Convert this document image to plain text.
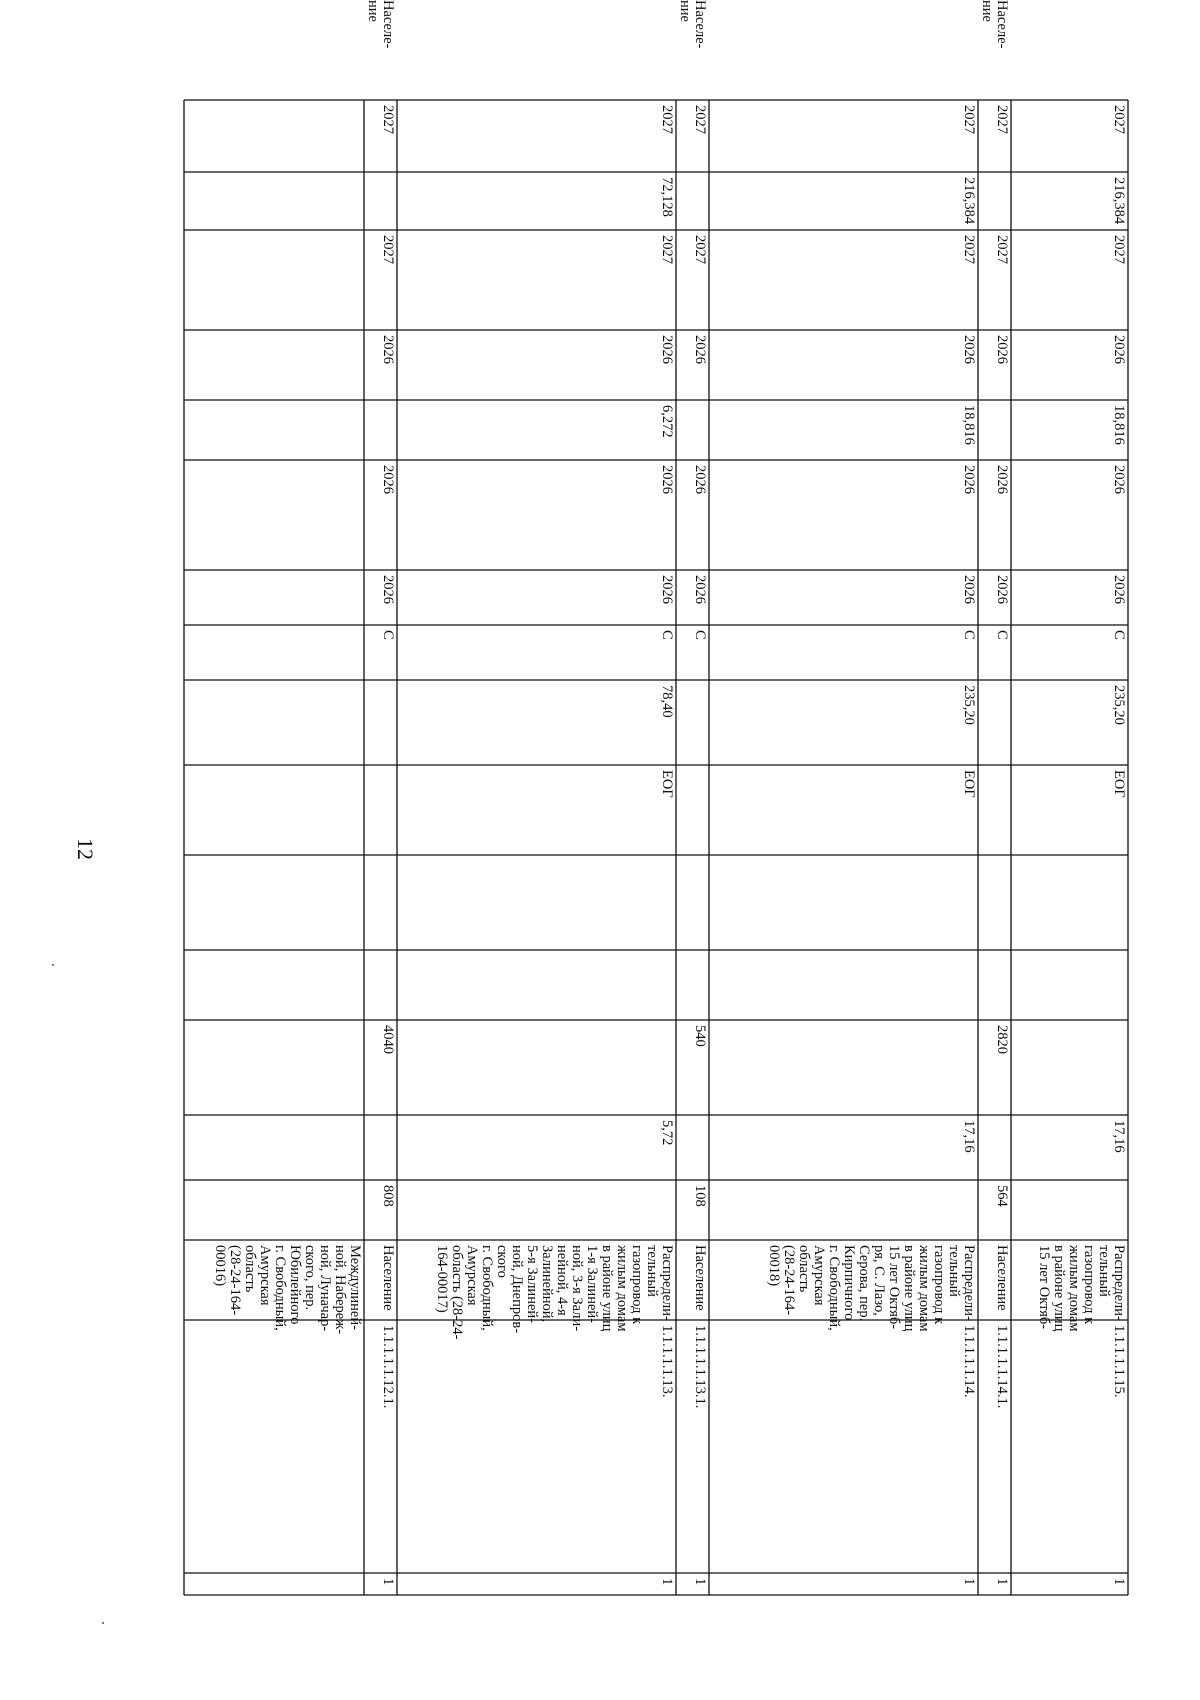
12
Междулиней-
ной, Набереж-
ной, Луначар-
ского, пер.
Юбилейного
г. Свободный,
Амурская
область
(28-24-164-
00016)
1
1.1.1.1.1.12.1.
Население
808
4040
С
2026
2026
2026
2027
2027
Населе-
ние
1
1.1.1.1.1.13.
Распредели-
тельный
газопровод к
жилым домам
в районе улиц
1-я Залиней-
ной, 3-я Зали-
нейной, 4-я
Залинейной,
5-я Залиней-
ной, Днепров-
ского
г. Свободный,
Амурская
область (28-24-
164-00017)
5,72
ЕОГ
78,40
С
2026
2026
6,272
2026
2027
72,128
2027
1
1.1.1.1.1.13.1.
Население
108
540
С
2026
2026
2026
2027
2027
Населе-
ние
1
1.1.1.1.1.14.
Распредели-
тельный
газопровод к
жилым домам
в районе улиц
15 лет Октяб-
ря, С. Лазо,
Серова, пер.
Кирпичного
г. Свободный,
Амурская
область
(28-24-164-
00018)
17,16
ЕОГ
235,20
С
2026
2026
18,816
2026
2027
216,384
2027
1
1.1.1.1.1.14.1.
Население
564
2820
С
2026
2026
2026
2027
2027
Населе-
ние
1
1.1.1.1.1.15.
Распредели-
тельный
газопровод к
жилым домам
в районе улиц
15 лет Октяб-
17,16
ЕОГ
235,20
С
2026
2026
18,816
2026
2027
216,384
2027
